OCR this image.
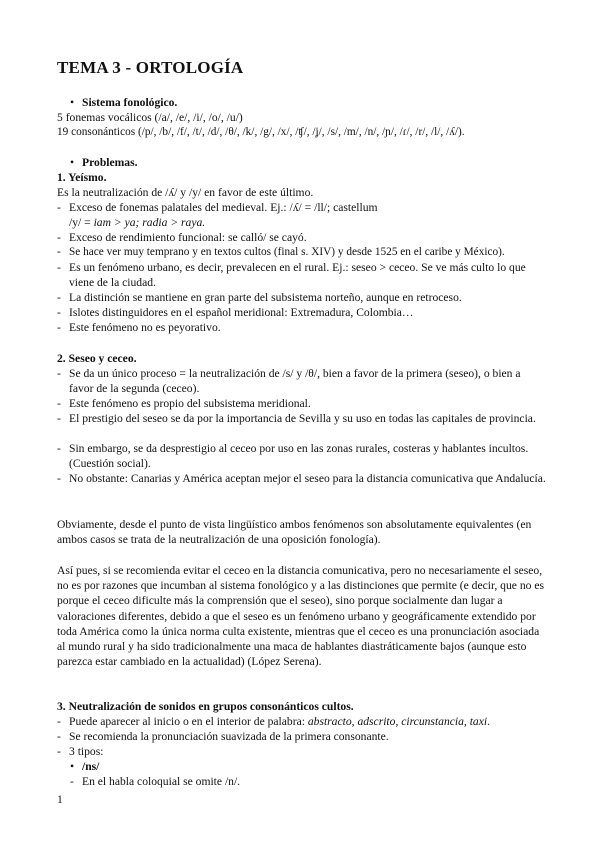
TEMA 3 - ORTOLOGÍA
• Sistema fonológico.
5 fonemas vocálicos (/a/, /e/, /i/, /o/, /u/)
19 consonánticos (/p/, /b/, /f/, /t/, /d/, /θ/, /k/, /g/, /x/, /ʧ/, /ʝ/, /s/, /m/, /n/, /ɲ/, /ɾ/, /r/, /l/, /ʎ/).
• Problemas.
1. Yeísmo.
Es la neutralización de /ʎ/ y /y/ en favor de este último.
- Exceso de fonemas palatales del medieval. Ej.: /ʎ/ = /ll/; castellum
/y/ = iam > ya; radia > raya.
- Exceso de rendimiento funcional: se calló/ se cayó.
- Se hace ver muy temprano y en textos cultos (final s. XIV) y desde 1525 en el caribe y México).
- Es un fenómeno urbano, es decir, prevalecen en el rural. Ej.: seseo > ceceo. Se ve más culto lo que viene de la ciudad.
- La distinción se mantiene en gran parte del subsistema norteño, aunque en retroceso.
- Islotes distinguidores en el español meridional: Extremadura, Colombia…
- Este fenómeno no es peyorativo.
2. Seseo y ceceo.
- Se da un único proceso = la neutralización de /s/ y /θ/, bien a favor de la primera (seseo), o bien a favor de la segunda (ceceo).
- Este fenómeno es propio del subsistema meridional.
- El prestigio del seseo se da por la importancia de Sevilla y su uso en todas las capitales de provincia.
- Sin embargo, se da desprestigio al ceceo por uso en las zonas rurales, costeras y hablantes incultos. (Cuestión social).
- No obstante: Canarias y América aceptan mejor el seseo para la distancia comunicativa que Andalucía.
Obviamente, desde el punto de vista lingüístico ambos fenómenos son absolutamente equivalentes (en ambos casos se trata de la neutralización de una oposición fonología).
Así pues, si se recomienda evitar el ceceo en la distancia comunicativa, pero no necesariamente el seseo, no es por razones que incumban al sistema fonológico y a las distinciones que permite (e decir, que no es porque el ceceo dificulte más la comprensión que el seseo), sino porque socialmente dan lugar a valoraciones diferentes, debido a que el seseo es un fenómeno urbano y geográficamente extendido por toda América como la única norma culta existente, mientras que el ceceo es una pronunciación asociada al mundo rural y ha sido tradicionalmente una maca de hablantes diastráticamente bajos (aunque esto parezca estar cambiado en la actualidad) (López Serena).
3. Neutralización de sonidos en grupos consonánticos cultos.
- Puede aparecer al inicio o en el interior de palabra: abstracto, adscrito, circunstancia, taxi.
- Se recomienda la pronunciación suavizada de la primera consonante.
- 3 tipos:
• /ns/
- En el habla coloquial se omite /n/.
1
